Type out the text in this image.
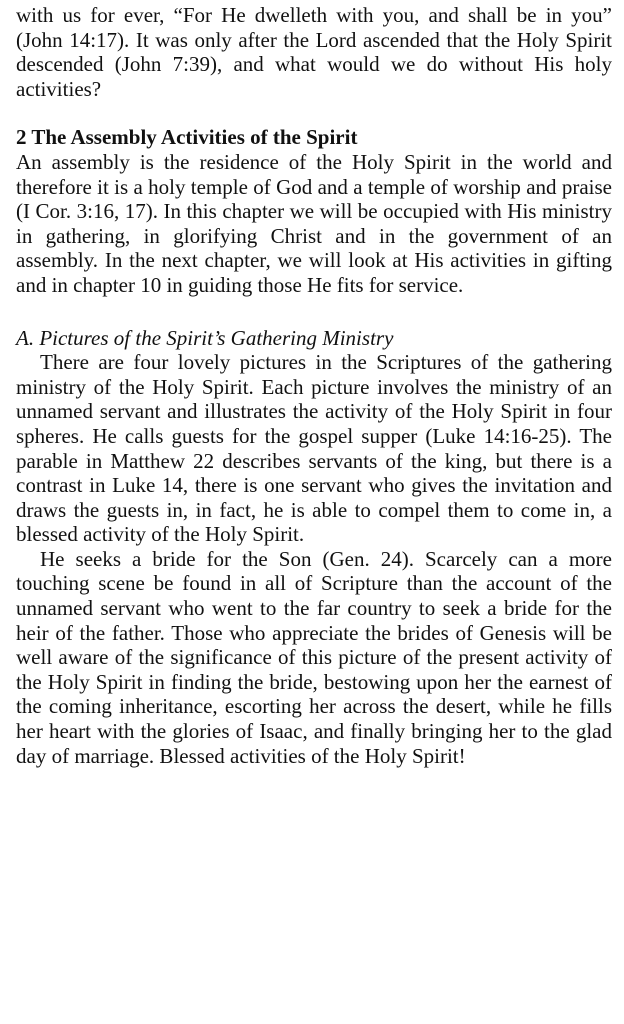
with us for ever, “For He dwelleth with you, and shall be in you” (John 14:17). It was only after the Lord ascended that the Holy Spirit descended (John 7:39), and what would we do without His holy activities?

2 The Assembly Activities of the Spirit

An assembly is the residence of the Holy Spirit in the world and therefore it is a holy temple of God and a temple of worship and praise (I Cor. 3:16, 17). In this chapter we will be occupied with His ministry in gathering, in glorifying Christ and in the government of an assembly. In the next chapter, we will look at His activities in gifting and in chapter 10 in guiding those He fits for service.

A. Pictures of the Spirit’s Gathering Ministry

There are four lovely pictures in the Scriptures of the gathering ministry of the Holy Spirit. Each picture involves the ministry of an unnamed servant and illustrates the activity of the Holy Spirit in four spheres. He calls guests for the gospel supper (Luke 14:16-25). The parable in Matthew 22 describes servants of the king, but there is a contrast in Luke 14, there is one servant who gives the invitation and draws the guests in, in fact, he is able to compel them to come in, a blessed activity of the Holy Spirit.

He seeks a bride for the Son (Gen. 24). Scarcely can a more touching scene be found in all of Scripture than the account of the unnamed servant who went to the far country to seek a bride for the heir of the father. Those who appreciate the brides of Genesis will be well aware of the significance of this picture of the present activity of the Holy Spirit in finding the bride, bestowing upon her the earnest of the coming inheritance, escorting her across the desert, while he fills her heart with the glories of Isaac, and finally bringing her to the glad day of marriage. Blessed activities of the Holy Spirit!
